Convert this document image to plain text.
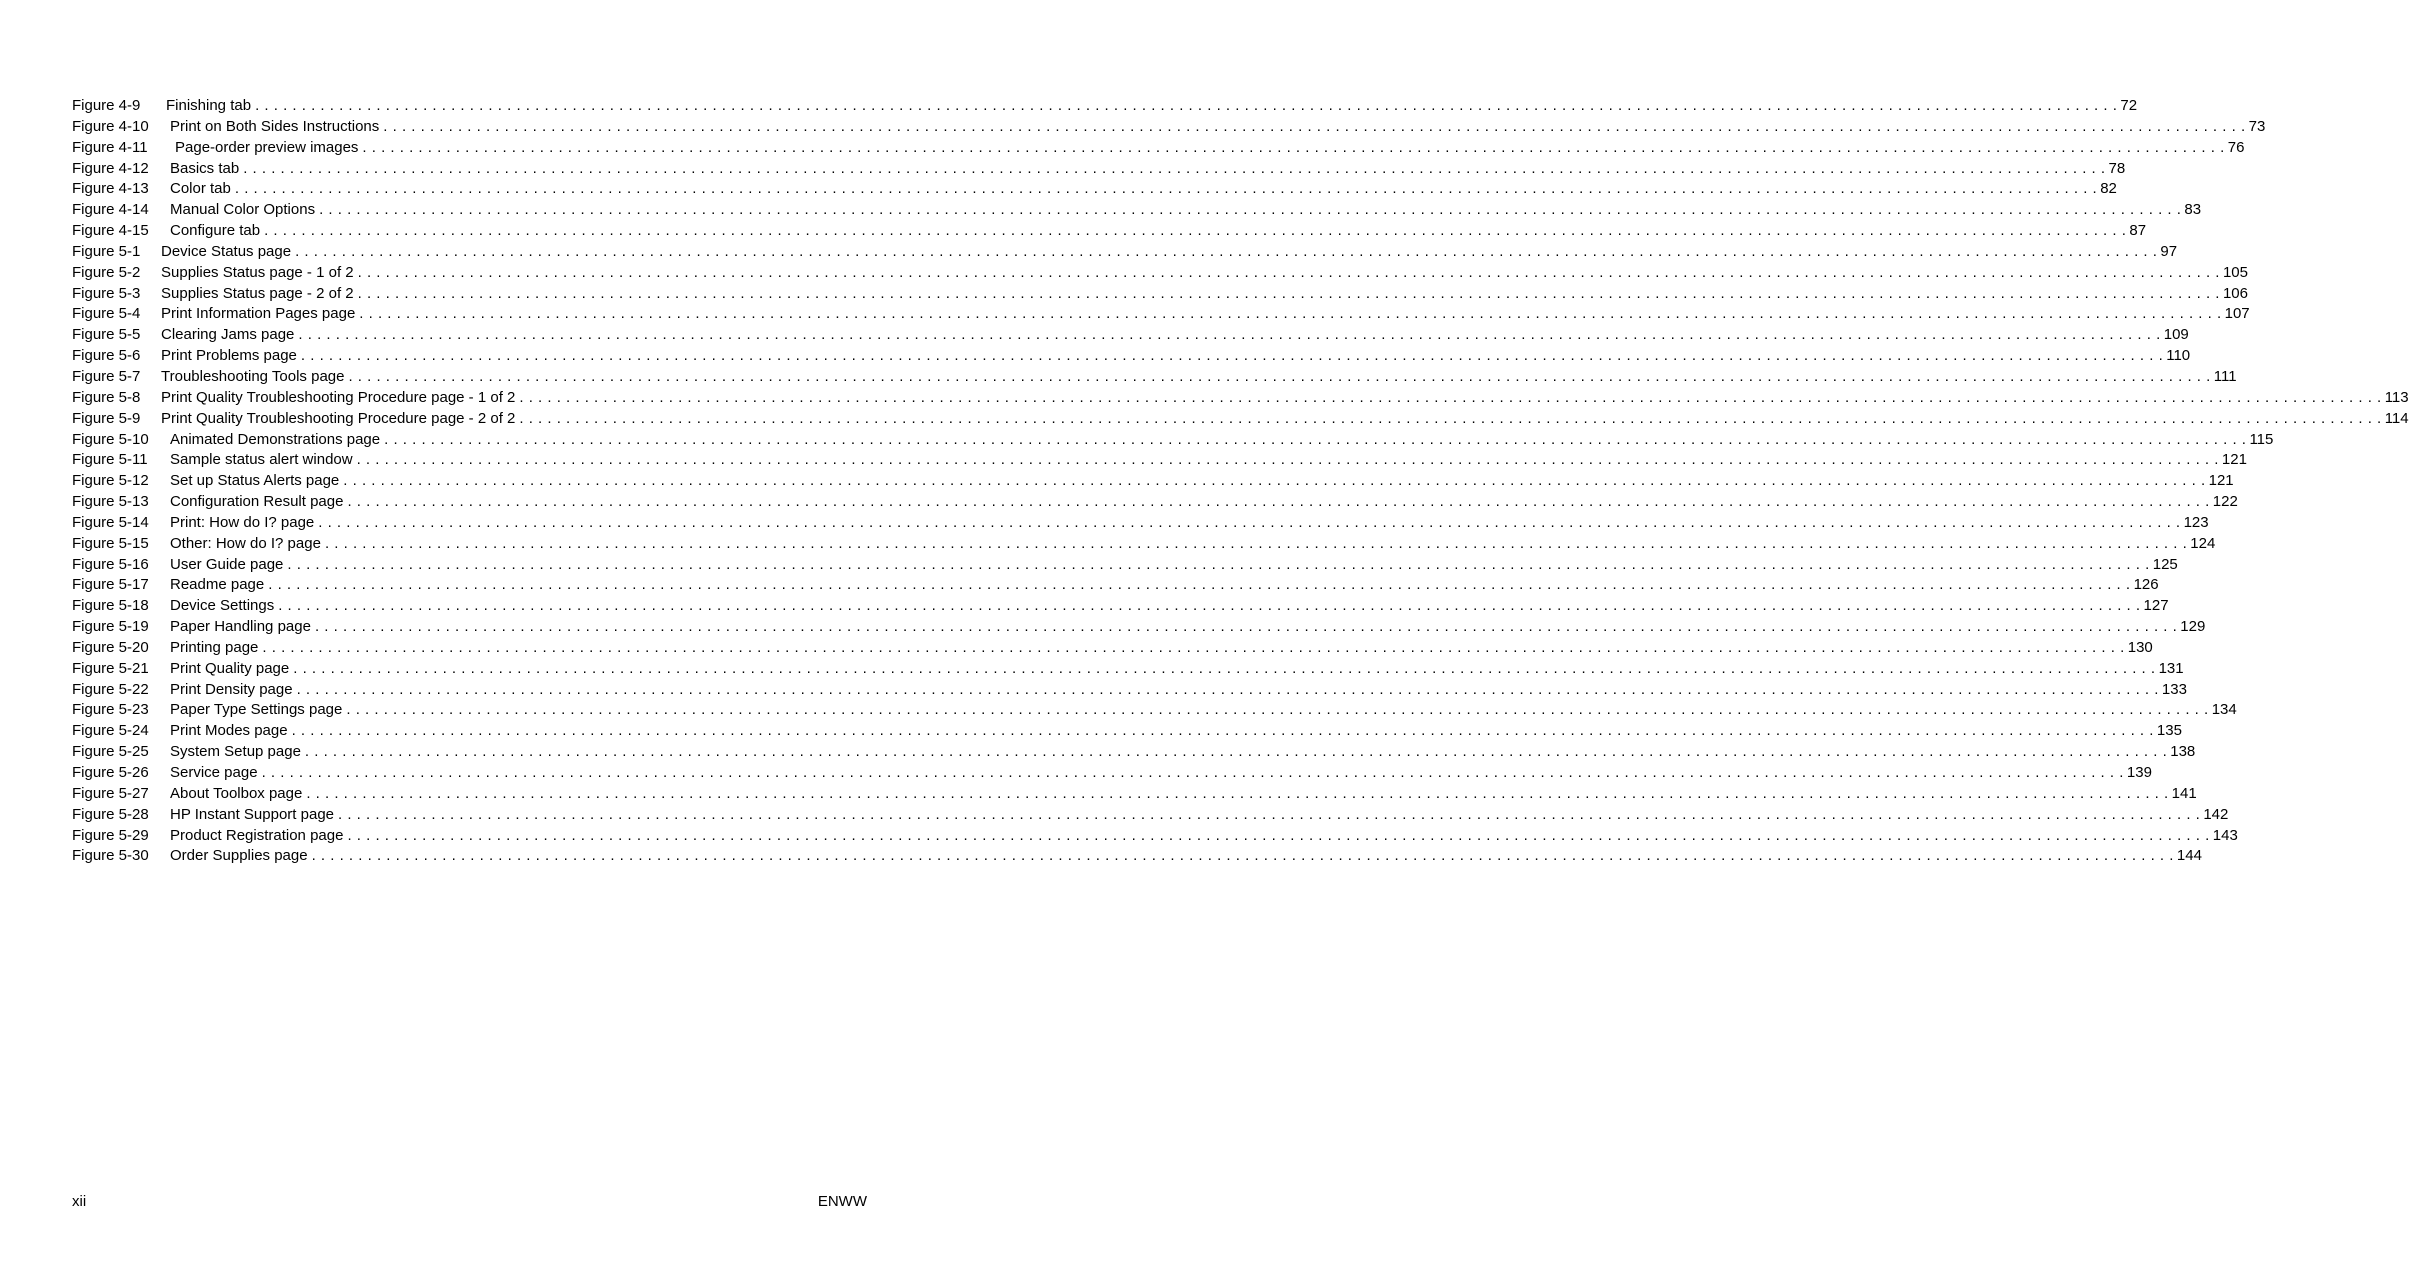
Figure 4-9 Finishing tab . . . . . . . . . . . . . . . . . . . . . . . . . . . . . . . . . . . . . . . . . . . . . . . . . . . . . . . . . . . . . . . . . . . . . . . . . . . . . . . . . . . . . . . . . . . . . . . . . . . . . . . . . . . . . . . . . . . . . . . . . . . . . . . . . . . . . . . . . . . . . . . . . . . . . . . . . . . . . . . . . . . . . . . . . . . . . . . . . . . . . . . . . . . . . . . . . . . . . . . . 72
Figure 4-10 Print on Both Sides Instructions . . . . . . . . . . . . . . . . . . . . . . . . . . . . . . . . . . . . . . . . . . . . . . . . . . . . . . . . . . . . . . . . . . . . . . . . . . . . . . . . . . . . . . . . . . . . . . . . . . . . . . . . . . . . . . . . . . . . . . . . . . . . . . . . . . . . . . . . . . . . . . . . . . . . . . . . . . . . . . . . . . . . . . . . . . . . . . . . . . . . . . . . . . . . . . . . . . . . . . . . 73
Figure 4-11 Page-order preview images . . . . . . . . . . . . . . . . . . . . . . . . . . . . . . . . . . . . . . . . . . . . . . . . . . . . . . . . . . . . . . . . . . . . . . . . . . . . . . . . . . . . . . . . . . . . . . . . . . . . . . . . . . . . . . . . . . . . . . . . . . . . . . . . . . . . . . . . . . . . . . . . . . . . . . . . . . . . . . . . . . . . . . . . . . . . . . . . . . . . . . . . . . . . . . . . . . . . . . . . 76
Figure 4-12 Basics tab . . . . . . . . . . . . . . . . . . . . . . . . . . . . . . . . . . . . . . . . . . . . . . . . . . . . . . . . . . . . . . . . . . . . . . . . . . . . . . . . . . . . . . . . . . . . . . . . . . . . . . . . . . . . . . . . . . . . . . . . . . . . . . . . . . . . . . . . . . . . . . . . . . . . . . . . . . . . . . . . . . . . . . . . . . . . . . . . . . . . . . . . . . . . . . . . . . . . . . . . 78
Figure 4-13 Color tab . . . . . . . . . . . . . . . . . . . . . . . . . . . . . . . . . . . . . . . . . . . . . . . . . . . . . . . . . . . . . . . . . . . . . . . . . . . . . . . . . . . . . . . . . . . . . . . . . . . . . . . . . . . . . . . . . . . . . . . . . . . . . . . . . . . . . . . . . . . . . . . . . . . . . . . . . . . . . . . . . . . . . . . . . . . . . . . . . . . . . . . . . . . . . . . . . . . . . . . . 82
Figure 4-14 Manual Color Options . . . . . . . . . . . . . . . . . . . . . . . . . . . . . . . . . . . . . . . . . . . . . . . . . . . . . . . . . . . . . . . . . . . . . . . . . . . . . . . . . . . . . . . . . . . . . . . . . . . . . . . . . . . . . . . . . . . . . . . . . . . . . . . . . . . . . . . . . . . . . . . . . . . . . . . . . . . . . . . . . . . . . . . . . . . . . . . . . . . . . . . . . . . . . . . . . . . . . . . . 83
Figure 4-15 Configure tab . . . . . . . . . . . . . . . . . . . . . . . . . . . . . . . . . . . . . . . . . . . . . . . . . . . . . . . . . . . . . . . . . . . . . . . . . . . . . . . . . . . . . . . . . . . . . . . . . . . . . . . . . . . . . . . . . . . . . . . . . . . . . . . . . . . . . . . . . . . . . . . . . . . . . . . . . . . . . . . . . . . . . . . . . . . . . . . . . . . . . . . . . . . . . . . . . . . . . . . . 87
Figure 5-1 Device Status page . . . . . . . . . . . . . . . . . . . . . . . . . . . . . . . . . . . . . . . . . . . . . . . . . . . . . . . . . . . . . . . . . . . . . . . . . . . . . . . . . . . . . . . . . . . . . . . . . . . . . . . . . . . . . . . . . . . . . . . . . . . . . . . . . . . . . . . . . . . . . . . . . . . . . . . . . . . . . . . . . . . . . . . . . . . . . . . . . . . . . . . . . . . . . . . . . . . . . . . . 97
Figure 5-2 Supplies Status page - 1 of 2 . . . . . . . . . . . . . . . . . . . . . . . . . . . . . . . . . . . . . . . . . . . . . . . . . . . . . . . . . . . . . . . . . . . . . . . . . . . . . . . . . . . . . . . . . . . . . . . . . . . . . . . . . . . . . . . . . . . . . . . . . . . . . . . . . . . . . . . . . . . . . . . . . . . . . . . . . . . . . . . . . . . . . . . . . . . . . . . . . . . . . . . . . . . . . . . . . . . . . . . . 105
Figure 5-3 Supplies Status page - 2 of 2 . . . . . . . . . . . . . . . . . . . . . . . . . . . . . . . . . . . . . . . . . . . . . . . . . . . . . . . . . . . . . . . . . . . . . . . . . . . . . . . . . . . . . . . . . . . . . . . . . . . . . . . . . . . . . . . . . . . . . . . . . . . . . . . . . . . . . . . . . . . . . . . . . . . . . . . . . . . . . . . . . . . . . . . . . . . . . . . . . . . . . . . . . . . . . . . . . . . . . . . . 106
Figure 5-4 Print Information Pages page . . . . . . . . . . . . . . . . . . . . . . . . . . . . . . . . . . . . . . . . . . . . . . . . . . . . . . . . . . . . . . . . . . . . . . . . . . . . . . . . . . . . . . . . . . . . . . . . . . . . . . . . . . . . . . . . . . . . . . . . . . . . . . . . . . . . . . . . . . . . . . . . . . . . . . . . . . . . . . . . . . . . . . . . . . . . . . . . . . . . . . . . . . . . . . . . . . . . . . . . 107
Figure 5-5 Clearing Jams page . . . . . . . . . . . . . . . . . . . . . . . . . . . . . . . . . . . . . . . . . . . . . . . . . . . . . . . . . . . . . . . . . . . . . . . . . . . . . . . . . . . . . . . . . . . . . . . . . . . . . . . . . . . . . . . . . . . . . . . . . . . . . . . . . . . . . . . . . . . . . . . . . . . . . . . . . . . . . . . . . . . . . . . . . . . . . . . . . . . . . . . . . . . . . . . . . . . . . . . . 109
Figure 5-6 Print Problems page . . . . . . . . . . . . . . . . . . . . . . . . . . . . . . . . . . . . . . . . . . . . . . . . . . . . . . . . . . . . . . . . . . . . . . . . . . . . . . . . . . . . . . . . . . . . . . . . . . . . . . . . . . . . . . . . . . . . . . . . . . . . . . . . . . . . . . . . . . . . . . . . . . . . . . . . . . . . . . . . . . . . . . . . . . . . . . . . . . . . . . . . . . . . . . . . . . . . . . . . 110
Figure 5-7 Troubleshooting Tools page . . . . . . . . . . . . . . . . . . . . . . . . . . . . . . . . . . . . . . . . . . . . . . . . . . . . . . . . . . . . . . . . . . . . . . . . . . . . . . . . . . . . . . . . . . . . . . . . . . . . . . . . . . . . . . . . . . . . . . . . . . . . . . . . . . . . . . . . . . . . . . . . . . . . . . . . . . . . . . . . . . . . . . . . . . . . . . . . . . . . . . . . . . . . . . . . . . . . . . . . 111
Figure 5-8 Print Quality Troubleshooting Procedure page - 1 of 2 . . . . . . . . . . . . . . . . . . . . . . . . . . . . . . . . . . . . . . . . . . . . . . . . . . . . . . . . . . . . . . . . . . . . . . . . . . . . . . . . . . . . . . . . . . . . . . . . . . . . . . . . . . . . . . . . . . . . . . . . . . . . . . . . . . . . . . . . . . . . . . . . . . . . . . . . . . . . . . . . . . . . . . . . . . . . . . . . . . . . . . . . . . . . . . . . . . . . . . . . 113
Figure 5-9 Print Quality Troubleshooting Procedure page - 2 of 2 . . . . . . . . . . . . . . . . . . . . . . . . . . . . . . . . . . . . . . . . . . . . . . . . . . . . . . . . . . . . . . . . . . . . . . . . . . . . . . . . . . . . . . . . . . . . . . . . . . . . . . . . . . . . . . . . . . . . . . . . . . . . . . . . . . . . . . . . . . . . . . . . . . . . . . . . . . . . . . . . . . . . . . . . . . . . . . . . . . . . . . . . . . . . . . . . . . . . . . . . 114
Figure 5-10 Animated Demonstrations page . . . . . . . . . . . . . . . . . . . . . . . . . . . . . . . . . . . . . . . . . . . . . . . . . . . . . . . . . . . . . . . . . . . . . . . . . . . . . . . . . . . . . . . . . . . . . . . . . . . . . . . . . . . . . . . . . . . . . . . . . . . . . . . . . . . . . . . . . . . . . . . . . . . . . . . . . . . . . . . . . . . . . . . . . . . . . . . . . . . . . . . . . . . . . . . . . . . . . . . . 115
Figure 5-11 Sample status alert window . . . . . . . . . . . . . . . . . . . . . . . . . . . . . . . . . . . . . . . . . . . . . . . . . . . . . . . . . . . . . . . . . . . . . . . . . . . . . . . . . . . . . . . . . . . . . . . . . . . . . . . . . . . . . . . . . . . . . . . . . . . . . . . . . . . . . . . . . . . . . . . . . . . . . . . . . . . . . . . . . . . . . . . . . . . . . . . . . . . . . . . . . . . . . . . . . . . . . . . . 121
Figure 5-12 Set up Status Alerts page . . . . . . . . . . . . . . . . . . . . . . . . . . . . . . . . . . . . . . . . . . . . . . . . . . . . . . . . . . . . . . . . . . . . . . . . . . . . . . . . . . . . . . . . . . . . . . . . . . . . . . . . . . . . . . . . . . . . . . . . . . . . . . . . . . . . . . . . . . . . . . . . . . . . . . . . . . . . . . . . . . . . . . . . . . . . . . . . . . . . . . . . . . . . . . . . . . . . . . . . 121
Figure 5-13 Configuration Result page . . . . . . . . . . . . . . . . . . . . . . . . . . . . . . . . . . . . . . . . . . . . . . . . . . . . . . . . . . . . . . . . . . . . . . . . . . . . . . . . . . . . . . . . . . . . . . . . . . . . . . . . . . . . . . . . . . . . . . . . . . . . . . . . . . . . . . . . . . . . . . . . . . . . . . . . . . . . . . . . . . . . . . . . . . . . . . . . . . . . . . . . . . . . . . . . . . . . . . . . 122
Figure 5-14 Print: How do I? page . . . . . . . . . . . . . . . . . . . . . . . . . . . . . . . . . . . . . . . . . . . . . . . . . . . . . . . . . . . . . . . . . . . . . . . . . . . . . . . . . . . . . . . . . . . . . . . . . . . . . . . . . . . . . . . . . . . . . . . . . . . . . . . . . . . . . . . . . . . . . . . . . . . . . . . . . . . . . . . . . . . . . . . . . . . . . . . . . . . . . . . . . . . . . . . . . . . . . . . . 123
Figure 5-15 Other: How do I? page . . . . . . . . . . . . . . . . . . . . . . . . . . . . . . . . . . . . . . . . . . . . . . . . . . . . . . . . . . . . . . . . . . . . . . . . . . . . . . . . . . . . . . . . . . . . . . . . . . . . . . . . . . . . . . . . . . . . . . . . . . . . . . . . . . . . . . . . . . . . . . . . . . . . . . . . . . . . . . . . . . . . . . . . . . . . . . . . . . . . . . . . . . . . . . . . . . . . . . . . 124
Figure 5-16 User Guide page . . . . . . . . . . . . . . . . . . . . . . . . . . . . . . . . . . . . . . . . . . . . . . . . . . . . . . . . . . . . . . . . . . . . . . . . . . . . . . . . . . . . . . . . . . . . . . . . . . . . . . . . . . . . . . . . . . . . . . . . . . . . . . . . . . . . . . . . . . . . . . . . . . . . . . . . . . . . . . . . . . . . . . . . . . . . . . . . . . . . . . . . . . . . . . . . . . . . . . . . 125
Figure 5-17 Readme page . . . . . . . . . . . . . . . . . . . . . . . . . . . . . . . . . . . . . . . . . . . . . . . . . . . . . . . . . . . . . . . . . . . . . . . . . . . . . . . . . . . . . . . . . . . . . . . . . . . . . . . . . . . . . . . . . . . . . . . . . . . . . . . . . . . . . . . . . . . . . . . . . . . . . . . . . . . . . . . . . . . . . . . . . . . . . . . . . . . . . . . . . . . . . . . . . . . . . . . . 126
Figure 5-18 Device Settings . . . . . . . . . . . . . . . . . . . . . . . . . . . . . . . . . . . . . . . . . . . . . . . . . . . . . . . . . . . . . . . . . . . . . . . . . . . . . . . . . . . . . . . . . . . . . . . . . . . . . . . . . . . . . . . . . . . . . . . . . . . . . . . . . . . . . . . . . . . . . . . . . . . . . . . . . . . . . . . . . . . . . . . . . . . . . . . . . . . . . . . . . . . . . . . . . . . . . . . . 127
Figure 5-19 Paper Handling page . . . . . . . . . . . . . . . . . . . . . . . . . . . . . . . . . . . . . . . . . . . . . . . . . . . . . . . . . . . . . . . . . . . . . . . . . . . . . . . . . . . . . . . . . . . . . . . . . . . . . . . . . . . . . . . . . . . . . . . . . . . . . . . . . . . . . . . . . . . . . . . . . . . . . . . . . . . . . . . . . . . . . . . . . . . . . . . . . . . . . . . . . . . . . . . . . . . . . . . . 129
Figure 5-20 Printing page . . . . . . . . . . . . . . . . . . . . . . . . . . . . . . . . . . . . . . . . . . . . . . . . . . . . . . . . . . . . . . . . . . . . . . . . . . . . . . . . . . . . . . . . . . . . . . . . . . . . . . . . . . . . . . . . . . . . . . . . . . . . . . . . . . . . . . . . . . . . . . . . . . . . . . . . . . . . . . . . . . . . . . . . . . . . . . . . . . . . . . . . . . . . . . . . . . . . . . . . 130
Figure 5-21 Print Quality page . . . . . . . . . . . . . . . . . . . . . . . . . . . . . . . . . . . . . . . . . . . . . . . . . . . . . . . . . . . . . . . . . . . . . . . . . . . . . . . . . . . . . . . . . . . . . . . . . . . . . . . . . . . . . . . . . . . . . . . . . . . . . . . . . . . . . . . . . . . . . . . . . . . . . . . . . . . . . . . . . . . . . . . . . . . . . . . . . . . . . . . . . . . . . . . . . . . . . . . . 131
Figure 5-22 Print Density page . . . . . . . . . . . . . . . . . . . . . . . . . . . . . . . . . . . . . . . . . . . . . . . . . . . . . . . . . . . . . . . . . . . . . . . . . . . . . . . . . . . . . . . . . . . . . . . . . . . . . . . . . . . . . . . . . . . . . . . . . . . . . . . . . . . . . . . . . . . . . . . . . . . . . . . . . . . . . . . . . . . . . . . . . . . . . . . . . . . . . . . . . . . . . . . . . . . . . . . . 133
Figure 5-23 Paper Type Settings page . . . . . . . . . . . . . . . . . . . . . . . . . . . . . . . . . . . . . . . . . . . . . . . . . . . . . . . . . . . . . . . . . . . . . . . . . . . . . . . . . . . . . . . . . . . . . . . . . . . . . . . . . . . . . . . . . . . . . . . . . . . . . . . . . . . . . . . . . . . . . . . . . . . . . . . . . . . . . . . . . . . . . . . . . . . . . . . . . . . . . . . . . . . . . . . . . . . . . . . . 134
Figure 5-24 Print Modes page . . . . . . . . . . . . . . . . . . . . . . . . . . . . . . . . . . . . . . . . . . . . . . . . . . . . . . . . . . . . . . . . . . . . . . . . . . . . . . . . . . . . . . . . . . . . . . . . . . . . . . . . . . . . . . . . . . . . . . . . . . . . . . . . . . . . . . . . . . . . . . . . . . . . . . . . . . . . . . . . . . . . . . . . . . . . . . . . . . . . . . . . . . . . . . . . . . . . . . . . 135
Figure 5-25 System Setup page . . . . . . . . . . . . . . . . . . . . . . . . . . . . . . . . . . . . . . . . . . . . . . . . . . . . . . . . . . . . . . . . . . . . . . . . . . . . . . . . . . . . . . . . . . . . . . . . . . . . . . . . . . . . . . . . . . . . . . . . . . . . . . . . . . . . . . . . . . . . . . . . . . . . . . . . . . . . . . . . . . . . . . . . . . . . . . . . . . . . . . . . . . . . . . . . . . . . . . . . 138
Figure 5-26 Service page . . . . . . . . . . . . . . . . . . . . . . . . . . . . . . . . . . . . . . . . . . . . . . . . . . . . . . . . . . . . . . . . . . . . . . . . . . . . . . . . . . . . . . . . . . . . . . . . . . . . . . . . . . . . . . . . . . . . . . . . . . . . . . . . . . . . . . . . . . . . . . . . . . . . . . . . . . . . . . . . . . . . . . . . . . . . . . . . . . . . . . . . . . . . . . . . . . . . . . . . 139
Figure 5-27 About Toolbox page . . . . . . . . . . . . . . . . . . . . . . . . . . . . . . . . . . . . . . . . . . . . . . . . . . . . . . . . . . . . . . . . . . . . . . . . . . . . . . . . . . . . . . . . . . . . . . . . . . . . . . . . . . . . . . . . . . . . . . . . . . . . . . . . . . . . . . . . . . . . . . . . . . . . . . . . . . . . . . . . . . . . . . . . . . . . . . . . . . . . . . . . . . . . . . . . . . . . . . . . 141
Figure 5-28 HP Instant Support page . . . . . . . . . . . . . . . . . . . . . . . . . . . . . . . . . . . . . . . . . . . . . . . . . . . . . . . . . . . . . . . . . . . . . . . . . . . . . . . . . . . . . . . . . . . . . . . . . . . . . . . . . . . . . . . . . . . . . . . . . . . . . . . . . . . . . . . . . . . . . . . . . . . . . . . . . . . . . . . . . . . . . . . . . . . . . . . . . . . . . . . . . . . . . . . . . . . . . . . . 142
Figure 5-29 Product Registration page . . . . . . . . . . . . . . . . . . . . . . . . . . . . . . . . . . . . . . . . . . . . . . . . . . . . . . . . . . . . . . . . . . . . . . . . . . . . . . . . . . . . . . . . . . . . . . . . . . . . . . . . . . . . . . . . . . . . . . . . . . . . . . . . . . . . . . . . . . . . . . . . . . . . . . . . . . . . . . . . . . . . . . . . . . . . . . . . . . . . . . . . . . . . . . . . . . . . . . . . 143
Figure 5-30 Order Supplies page . . . . . . . . . . . . . . . . . . . . . . . . . . . . . . . . . . . . . . . . . . . . . . . . . . . . . . . . . . . . . . . . . . . . . . . . . . . . . . . . . . . . . . . . . . . . . . . . . . . . . . . . . . . . . . . . . . . . . . . . . . . . . . . . . . . . . . . . . . . . . . . . . . . . . . . . . . . . . . . . . . . . . . . . . . . . . . . . . . . . . . . . . . . . . . . . . . . . . . . . 144
xii	ENWW
